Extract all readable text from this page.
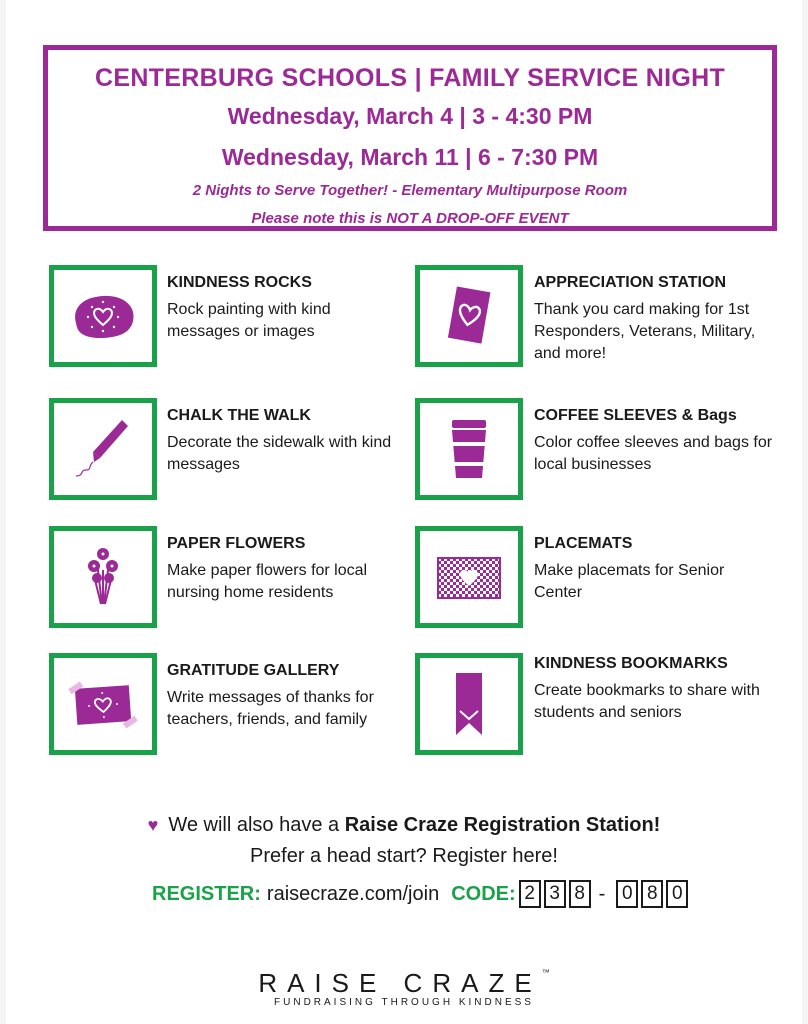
CENTERBURG SCHOOLS | FAMILY SERVICE NIGHT
Wednesday, March 4 | 3 - 4:30 PM
Wednesday, March 11 | 6 - 7:30 PM
2 Nights to Serve Together! - Elementary Multipurpose Room
Please note this is NOT A DROP-OFF EVENT
KINDNESS ROCKS
Rock painting with kind messages or images
APPRECIATION STATION
Thank you card making for 1st Responders, Veterans, Military, and more!
CHALK THE WALK
Decorate the sidewalk with kind messages
COFFEE SLEEVES & Bags
Color coffee sleeves and bags for local businesses
PAPER FLOWERS
Make paper flowers for local nursing home residents
PLACEMATS
Make placemats for Senior Center
GRATITUDE GALLERY
Write messages of thanks for teachers, friends, and family
KINDNESS BOOKMARKS
Create bookmarks to share with students and seniors
♥ We will also have a Raise Craze Registration Station!
Prefer a head start? Register here!
REGISTER: raisecraze.com/join CODE: 2 3 8 - 0 8 0
RAISE CRAZE™
FUNDRAISING THROUGH KINDNESS
